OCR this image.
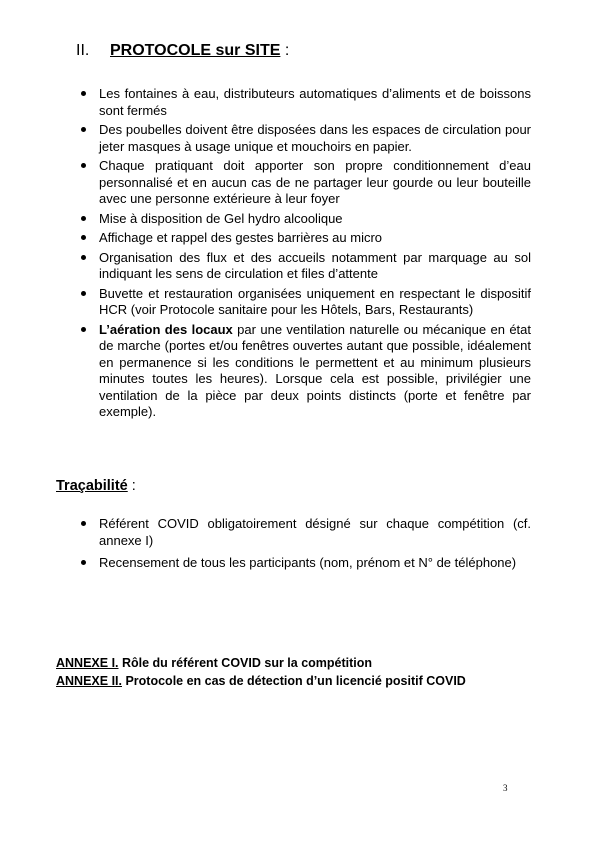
II. PROTOCOLE sur SITE :
Les fontaines à eau, distributeurs automatiques d’aliments et de boissons sont fermés
Des poubelles doivent être disposées dans les espaces de circulation pour jeter masques à usage unique et mouchoirs en papier.
Chaque pratiquant doit apporter son propre conditionnement d’eau personnalisé et en aucun cas de ne partager leur gourde ou leur bouteille avec une personne extérieure à leur foyer
Mise à disposition de Gel hydro alcoolique
Affichage et rappel des gestes barrières au micro
Organisation des flux et des accueils notamment par marquage au sol indiquant les sens de circulation et files d’attente
Buvette et restauration organisées uniquement en respectant le dispositif HCR (voir Protocole sanitaire pour les Hôtels, Bars, Restaurants)
L’aération des locaux par une ventilation naturelle ou mécanique en état de marche (portes et/ou fenêtres ouvertes autant que possible, idéalement en permanence si les conditions le permettent et au minimum plusieurs minutes toutes les heures). Lorsque cela est possible, privilégier une ventilation de la pièce par deux points distincts (porte et fenêtre par exemple).
Traçabilité :
Référent COVID obligatoirement désigné sur chaque compétition (cf. annexe I)
Recensement de tous les participants (nom, prénom et N° de téléphone)
ANNEXE I. Rôle du référent COVID sur la compétition
ANNEXE II. Protocole en cas de détection d’un licencié positif COVID
3
